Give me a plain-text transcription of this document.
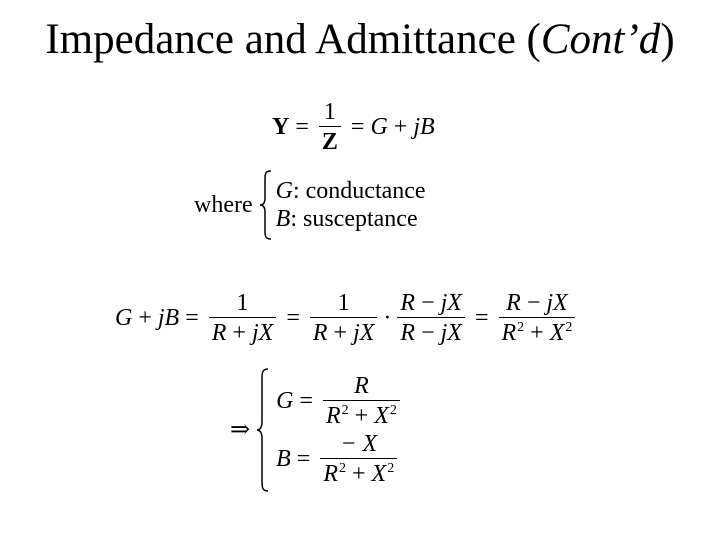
Impedance and Admittance (Cont’d)
$Y = \frac{1}{Z} = G$ + jB
where
G: conductance
B: susceptance
G + jB = $\frac{1}{R + jX} = \frac{1}{R + jX} \cdot \frac{R - jX}{R - jX} = \frac{R - jX}{R^2 + X^2}$
⇒
$G = \frac{R}{R^2 + X^2}$
$B = \frac{- X}{R^2 + X^2}$
